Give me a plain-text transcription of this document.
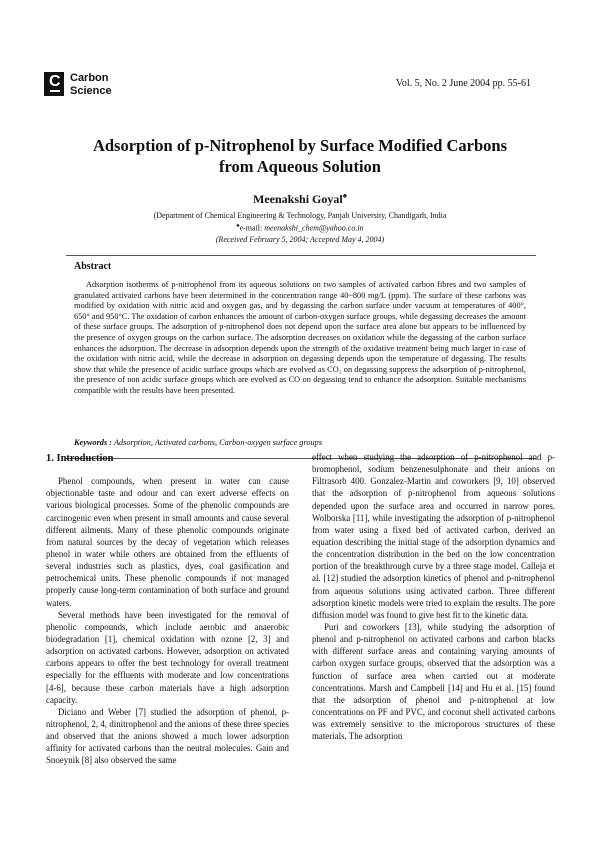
C Carbon
Science
Vol. 5, No. 2 June 2004 pp. 55-61
Adsorption of p-Nitrophenol by Surface Modified Carbons
from Aqueous Solution
Meenakshi Goyal♠
(Department of Chemical Engineering & Technology, Panjab University, Chandigarh, India
♠e-mail: meenakshi_chem@yahoo.co.in
(Received February 5, 2004; Accepted May 4, 2004)
Abstract

Adsorption isotherms of p-nitrophenol from its aqueous solutions on two samples of activated carbon fibres and two samples of granulated activated carbons have been determined in the concentration range 40~800 mg/L (ppm). The surface of these carbons was modified by oxidation with nitric acid and oxygen gas, and by degassing the carbon surface under vacuum at temperatures of 400°, 650° and 950°C. The oxidation of carbon enhances the amount of carbon-oxygen surface groups, while degassing decreases the amount of these surface groups. The adsorption of p-nitrophenol does not depend upon the surface area alone but appears to be influenced by the presence of oxygen groups on the carbon surface. The adsorption decreases on oxidation while the degassing of the carbon surface enhances the adsorption. The decrease in adsorption depends upon the strength of the oxidative treatment being much larger in case of the oxidation with nitric acid, while the decrease in adsorption on degassing depends upon the temperature of degassing. The results show that while the presence of acidic surface groups which are evolved as CO₂ on degassing suppress the adsorption of p-nitrophenol, the presence of non acidic surface groups which are evolved as CO on degassing tend to enhance the adsorption. Suitable mechanisms compatible with the results have been presented.

Keywords : Adsorption, Activated carbons, Carbon-oxygen surface groups

1. Introduction

Phenol compounds, when present in water can cause objectionable taste and odour and can exert adverse effects on various biological processes. Some of the phenolic compounds are carcinogenic even when present in small amounts and cause several different ailments. Many of these phenolic compounds originate from natural sources by the decay of vegetation which releases phenol in water while others are obtained from the effluents of several industries such as plastics, dyes, coal gasification and petrochemical units. These phenolic compounds if not managed properly cause long-term contamination of both surface and ground waters.

Several methods have been investigated for the removal of phenolic compounds, which include aerobic and anaerobic biodegradation [1], chemical oxidation with ozone [2, 3] and adsorption on activated carbons. However, adsorption on activated carbons appears to offer the best technology for overall treatment especially for the effluents with moderate and low concentrations [4-6], because these carbon materials have a high adsorption capacity.

Diciano and Weber [7] studied the adsorption of phenol, p-nitrophenol, 2, 4, dinitrophenol and the anions of these three species and observed that the anions showed a much lower adsorption affinity for activated carbons than the neutral molecules. Gain and Snoeynik [8] also observed the same

effect when studying the adsorption of p-nitrophenol and p-bromophenol, sodium benzenesulphonate and their anions on Filtrasorb 400. Gonzalez-Martin and coworkers [9, 10] observed that the adsorption of p-nitrophenol from aqueous solutions depended upon the surface area and occurred in narrow pores. Wolborska [11], while investigating the adsorption of p-nitrophenol from water using a fixed bed of activated carbon, derived an equation describing the initial stage of the adsorption dynamics and the concentration distribution in the bed on the low concentration portion of the breakthrough curve by a three stage model. Calleja et al. [12] studied the adsorption kinetics of phenol and p-nitrophenol from aqueous solutions using activated carbon. Three different adsorption kinetic models were tried to explain the results. The pore diffusion model was found to give best fit to the kinetic data.

Puri and coworkers [13], while studying the adsorption of phenol and p-nitrophenol on activated carbons and carbon blacks with different surface areas and containing varying amounts of carbon oxygen surface groups, observed that the adsorption was a function of surface area when carried out at moderate concentrations. Marsh and Campbell [14] and Hu et al. [15] found that the adsorption of phenol and p-nitrophenol at low concentrations on PF and PVC, and coconut shell activated carbons was extremely sensitive to the microporous structures of these materials. The adsorption
